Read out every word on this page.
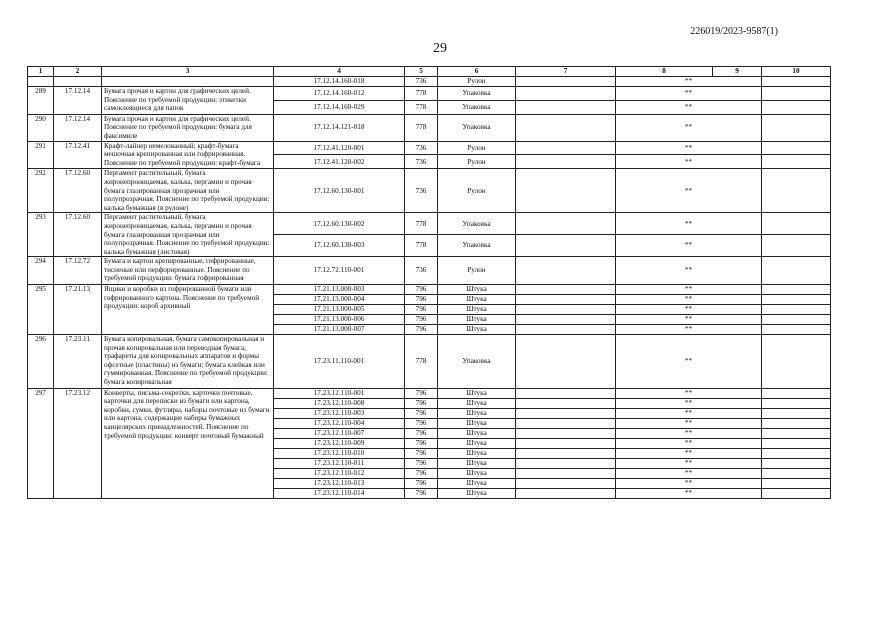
226019/2023-9587(1)
29
1	2	3	4	5	6	7	8	9	10
			17.12.14.160-018	736	Рулон		**		
289	17.12.14	Бумага прочая и картон для графических целей. Пояснение по требуемой продукции: этикетки самоклеящиеся для папок	17.12.14.160-012	778	Упаковка		**		
			17.12.14.160-029	778	Упаковка		**		
290	17.12.14	Бумага прочая и картон для графических целей. Пояснение по требуемой продукции: бумага для факсимиле	17.12.14.121-018	778	Упаковка		**		
291	17.12.41	Крафт-лайнер немелованный; крафт-бумага мешочная крепированная или гофрированная. Пояснение по требуемой продукции: крафт-бумага	17.12.41.120-001	736	Рулон		**		
			17.12.41.120-002	736	Рулон		**		
292	17.12.60	Пергамент растительный, бумага жиронепроницаемая, калька, пергамин и прочая бумага глазированная прозрачная или полупрозрачная. Пояснение по требуемой продукции: калька бумажная (в рулоне)	17.12.60.130-001	736	Рулон		**		
293	17.12.60	Пергамент растительный, бумага жиронепроницаемая, калька, пергамин и прочая бумага глазированная прозрачная или полупрозрачная. Пояснение по требуемой продукции: калька бумажная (листовая)	17.12.60.130-002	778	Упаковка		**		
			17.12.60.130-003	778	Упаковка		**		
294	17.12.72	Бумага и картон крепированные, гофрированные, тисненые или перфорированные. Пояснение по требуемой продукции: бумага гофрированная	17.12.72.110-001	736	Рулон		**		
295	17.21.13	Ящики и коробки из гофрированной бумаги или гофрированного картона. Пояснение по требуемой продукции: короб архивный	17.21.13.000-003	796	Штука		**		
			17.21.13.000-004	796	Штука		**		
			17.21.13.000-005	796	Штука		**		
			17.21.13.000-006	796	Штука		**		
			17.21.13.000-007	796	Штука		**		
296	17.23.11	Бумага копировальная, бумага самокопировальная и прочая копировальная или переводная бумага; трафареты для копировальных аппаратов и формы офсетные (пластины) из бумаги; бумага клейкая или гуммированная. Пояснение по требуемой продукции: бумага копировальная	17.23.11.110-001	778	Упаковка		**		
297	17.23.12	Конверты, письма-секретки, карточки почтовые, карточки для переписки из бумаги или картона, коробки, сумки, футляры, наборы почтовые из бумаги или картона, содержащие наборы бумажных канцелярских принадлежностей. Пояснение по требуемой продукции: конверт почтовый бумажный	17.23.12.110-001	796	Штука		**		
			17.23.12.110-008	796	Штука		**		
			17.23.12.110-003	796	Штука		**		
			17.23.12.110-004	796	Штука		**		
			17.23.12.110-007	796	Штука		**		
			17.23.12.110-009	796	Штука		**		
			17.23.12.110-010	796	Штука		**		
			17.23.12.110-011	796	Штука		**		
			17.23.12.110-012	796	Штука		**		
			17.23.12.110-013	796	Штука		**		
			17.23.12.110-014	796	Штука		**		
